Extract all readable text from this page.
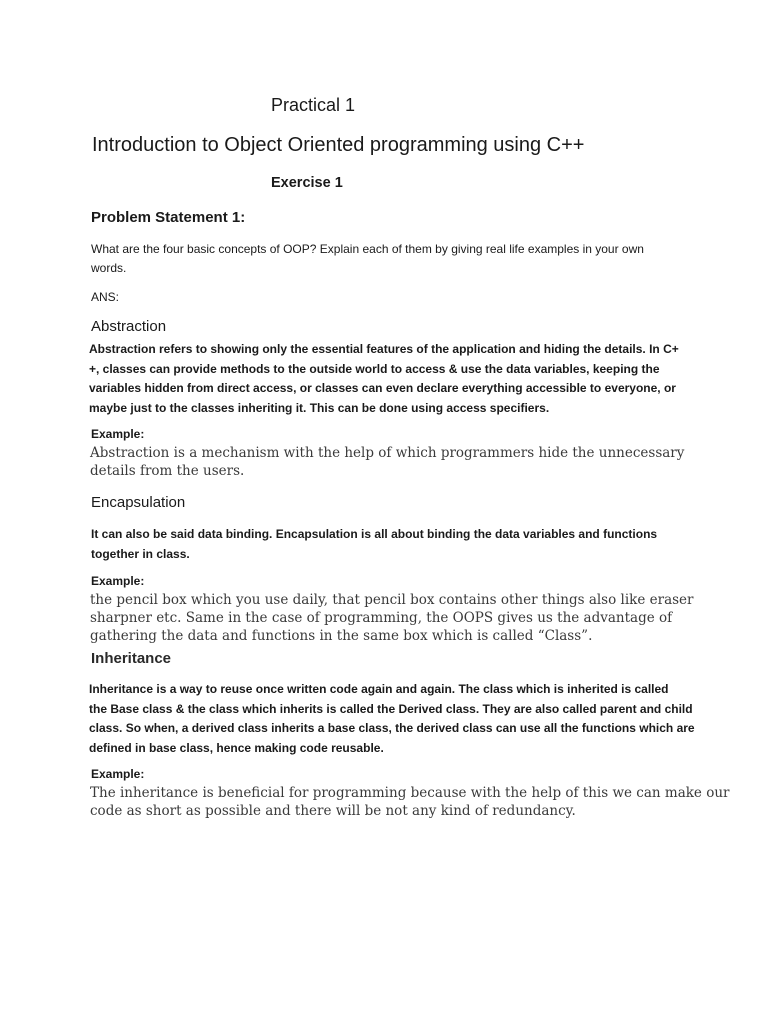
Practical 1
Introduction to Object Oriented programming using C++
Exercise 1
Problem Statement 1:

What are the four basic concepts of OOP? Explain each of them by giving real life examples in your own
words.

ANS:

Abstraction

Abstraction refers to showing only the essential features of the application and hiding the details. In C+
+, classes can provide methods to the outside world to access & use the data variables, keeping the
variables hidden from direct access, or classes can even declare everything accessible to everyone, or
maybe just to the classes inheriting it. This can be done using access specifiers.

Example:

Abstraction is a mechanism with the help of which programmers hide the unnecessary
details from the users.

Encapsulation

It can also be said data binding. Encapsulation is all about binding the data variables and functions
together in class.

Example:

the pencil box which you use daily, that pencil box contains other things also like eraser
sharpner etc. Same in the case of programming, the OOPS gives us the advantage of
gathering the data and functions in the same box which is called “Class”.

Inheritance

Inheritance is a way to reuse once written code again and again. The class which is inherited is called
the Base class & the class which inherits is called the Derived class. They are also called parent and child
class. So when, a derived class inherits a base class, the derived class can use all the functions which are
defined in base class, hence making code reusable.

Example:

The inheritance is beneficial for programming because with the help of this we can make our
code as short as possible and there will be not any kind of redundancy.
